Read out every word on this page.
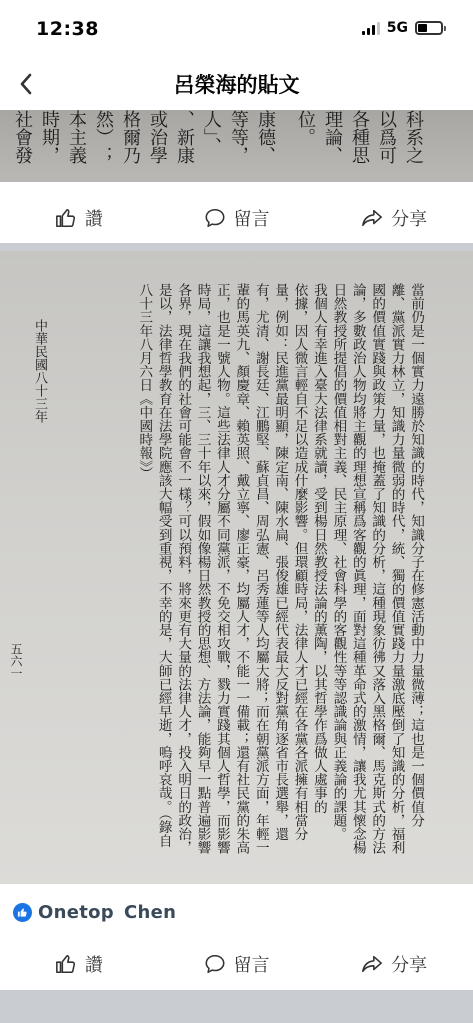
12:38	5G
呂榮海的貼文
科系之
以爲可
各種思
理論、
位。
康德、
等等，
人」、
、新康
或治學
格爾乃
然）；
本主義
時期，
社會發
讚	留言	分享
當前仍是一個實力遠勝於知識的時代，知識分子在修憲活動中力量微薄；這也是一個價值分
離、黨派實力林立，知識力量微弱的時代，統、獨的價值實踐力量激底壓倒了知識的分析，福利
國的價值實踐與政策力量，也掩蓋了知識的分析，這種現象彷彿又落入黑格爾、馬克斯式的方法
論，多數政治人物均將主觀的理想宣稱爲客觀的眞理，面對這種革命式的激情，讓我尤其懷念楊
日然教授所提倡的價值相對主義、民主原理、社會科學的客觀性等等認識論與正義論的課題。
我個人有幸進入臺大法律系就讀，受到楊日然教授法論的薰陶，以其哲學作爲做人處事的
依據，因人微言輕自不足以造成什麼影響。但環顧時局，法律人才已經在各黨各派擁有相當分
量，例如：民進黨最明顯，陳定南、陳水扁、張俊雄已經代表最大反對黨角逐省市長選舉，還
有，尤清、謝長廷、江鵬堅、蘇貞昌、周弘憲、呂秀蓮等人均屬大將；而在朝黨派方面，年輕一
輩的馬英九、顏慶章、賴英照、戴立寧、廖正豪，均屬人才，不能一一備載；還有社民黨的朱高
正，也是一號人物。這些法律人才分屬不同黨派，不免交相攻戰，戮力實踐其個人哲學，而影響
時局，這讓我想起，三、三十年以來，假如像楊日然教授的思想、方法論，能夠早一點普遍影響
各界，現在我們的社會可能會不一樣？可以預料，將來更有大量的法律人才，投入明日的政治，
是以，法律哲學教育在法學院應該大幅受到重視，不幸的是，大師已經早逝，嗚呼哀哉。（錄自
八十三年八月六日《中國時報》）
中華民國八十三年
五六一
Onetop Chen
讚	留言	分享
